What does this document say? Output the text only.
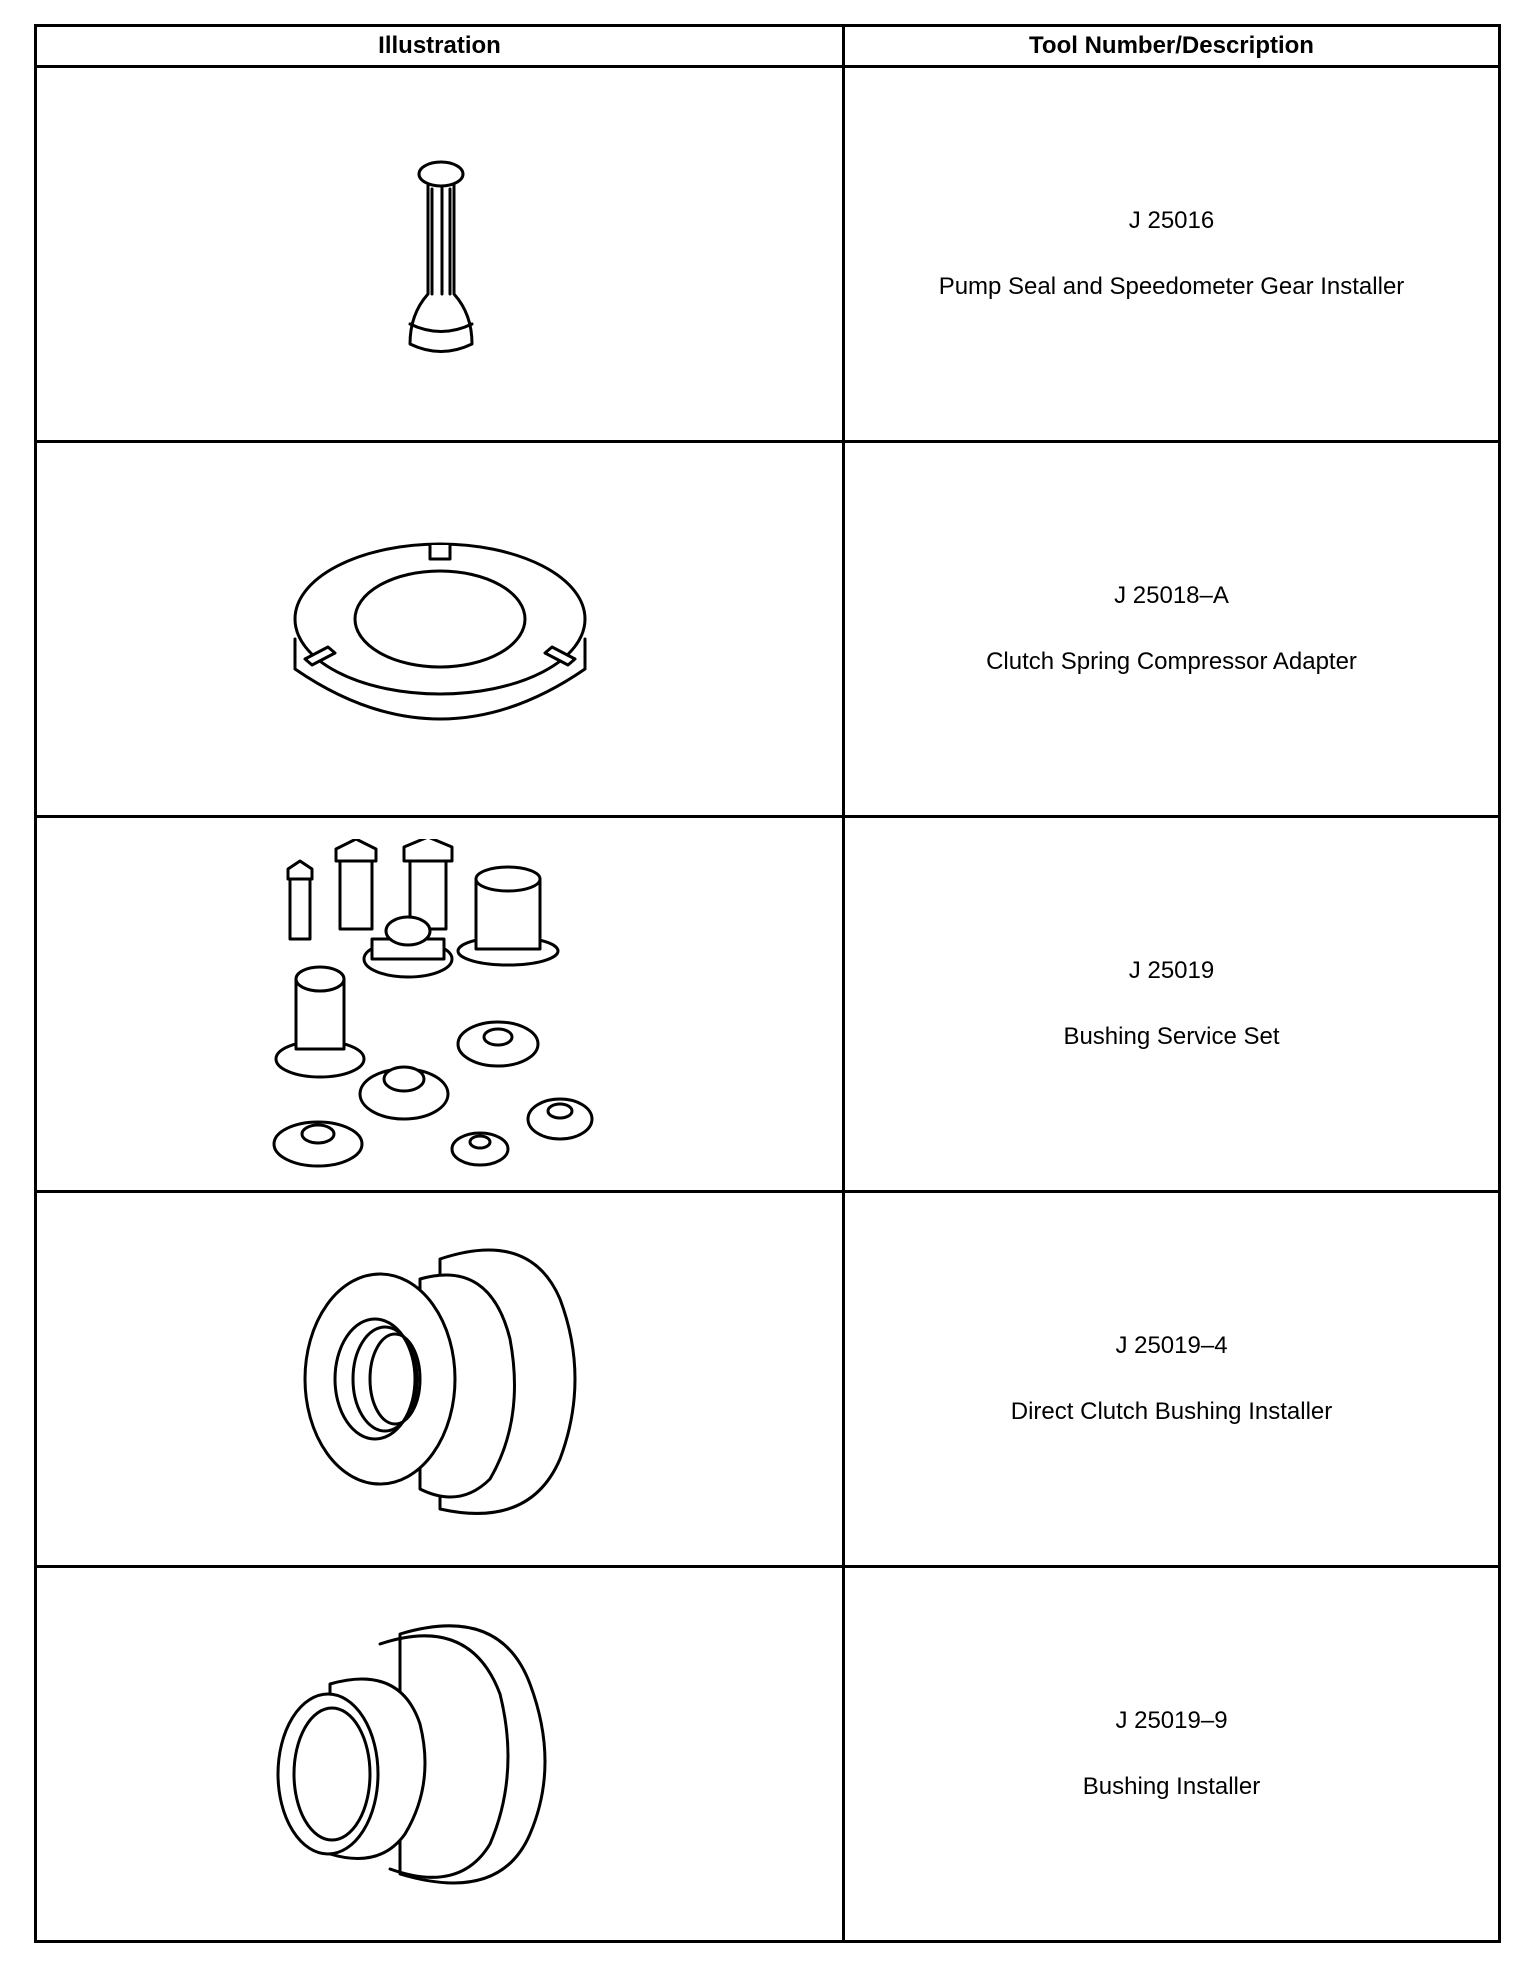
Illustration	Tool Number/Description

J 25016
Pump Seal and Speedometer Gear Installer

J 25018–A
Clutch Spring Compressor Adapter

J 25019
Bushing Service Set

J 25019–4
Direct Clutch Bushing Installer

J 25019–9
Bushing Installer
